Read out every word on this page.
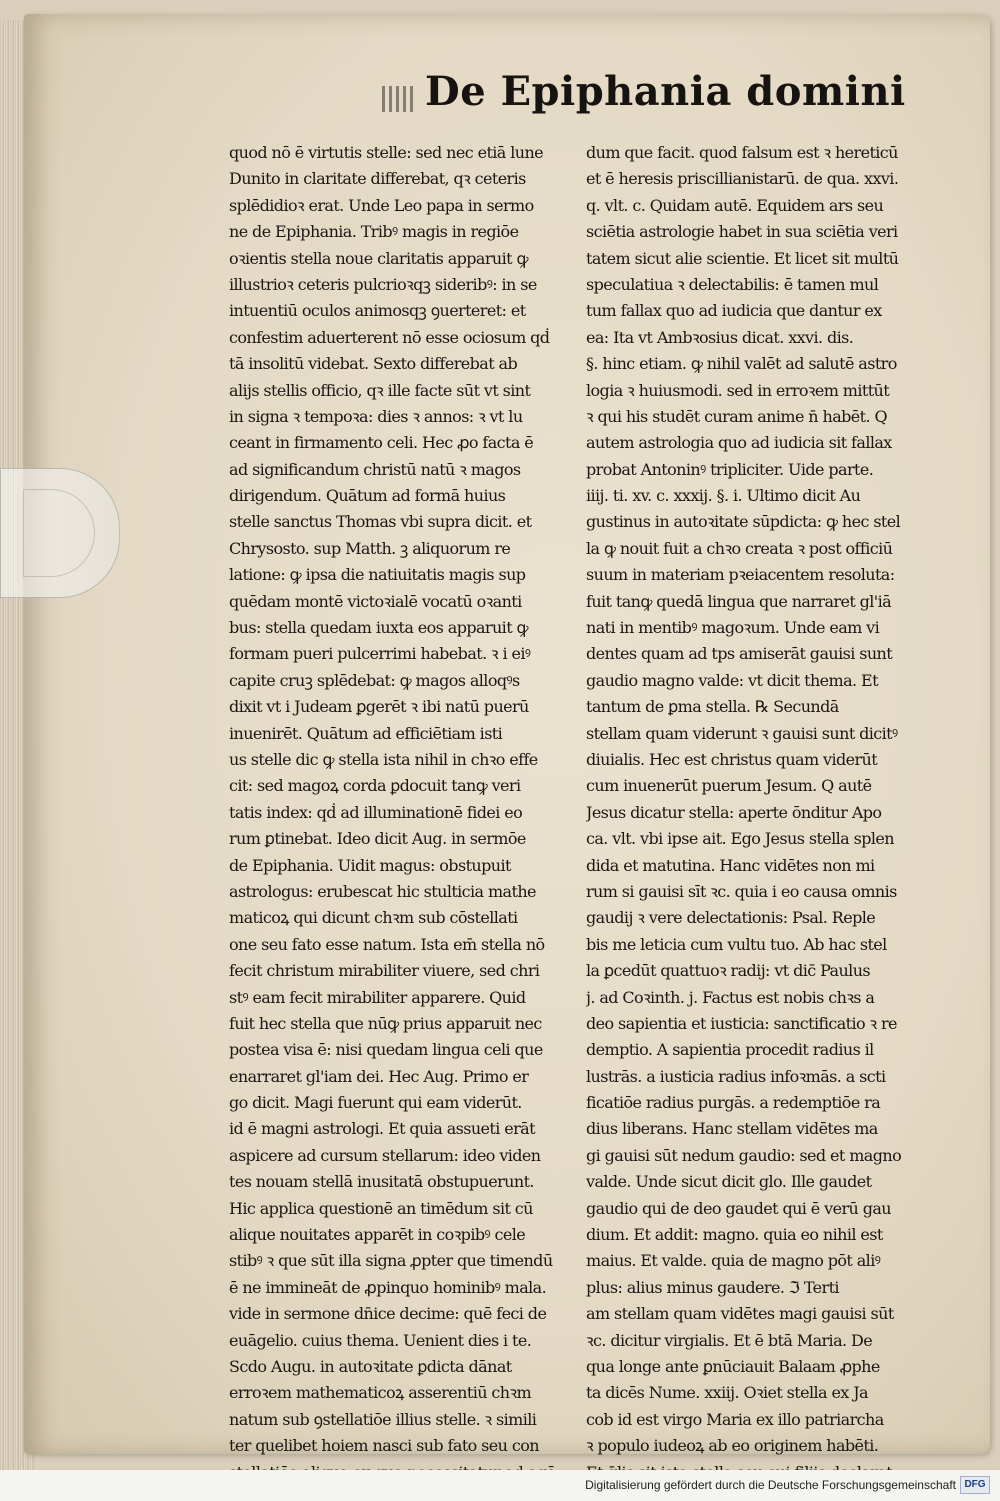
De Epiphania domini
quod nō ē virtutis stelle: sed nec etiā lune
Dunito in claritate differebat, qꝛ ceteris
splēdidioꝛ erat. Unde Leo papa in sermo
ne de Epiphania. Tribꝰ magis in regiōe
oꝛientis stella noue claritatis apparuit ꝙ
illustrioꝛ ceteris pulcrioꝛqꝫ sideribꝰ: in se
intuentiū oculos animosqꝫ ꝯuerteret: et
confestim aduerterent nō esse ociosum qḋ
tā insolitū videbat. Sexto differebat ab
alijs stellis officio, qꝛ ille facte sūt vt sint
in signa ꝛ tempoꝛa: dies ꝛ annos: ꝛ vt lu
ceant in firmamento celi. Hec ꝓo facta ē
ad significandum christū natū ꝛ magos
dirigendum. Quātum ad formā huius
stelle sanctus Thomas vbi supra dicit. et
Chrysosto. sup Matth. ꝫ aliquorum re
latione: ꝙ ipsa die natiuitatis magis sup
quēdam montē victoꝛialē vocatū oꝛanti
bus: stella quedam iuxta eos apparuit ꝙ
formam pueri pulcerrimi habebat. ꝛ i eiꝰ
capite cruꝫ splēdebat: ꝙ magos alloqꝰs
dixit vt i Judeam ꝑgerēt ꝛ ibi natū puerū
inuenirēt. Quātum ad efficiētiam isti
us stelle dic ꝙ stella ista nihil in chꝛo effe
cit: sed magoꝝ corda ꝑdocuit tanꝙ veri
tatis index: qḋ ad illuminationē fidei eo
rum ꝑtinebat. Ideo dicit Aug. in sermōe
de Epiphania. Uidit magus: obstupuit
astrologus: erubescat hic stulticia mathe
maticoꝝ qui dicunt chꝛm sub cōstellati
one seu fato esse natum. Ista em̄ stella nō
fecit christum mirabiliter viuere, sed chri
stꝰ eam fecit mirabiliter apparere. Quid
fuit hec stella que nūꝙ prius apparuit nec
postea visa ē: nisi quedam lingua celi que
enarraret gl'iam dei. Hec Aug. Primo er
go dicit. Magi fuerunt qui eam viderūt.
id ē magni astrologi. Et quia assueti erāt
aspicere ad cursum stellarum: ideo viden
tes nouam stellā inusitatā obstupuerunt.
Hic applica questionē an timēdum sit cū
alique nouitates apparēt in coꝛpibꝰ cele
stibꝰ ꝛ que sūt illa signa ꝓpter que timendū
ē ne immineāt de ꝓpinquo hominibꝰ mala.
vide in sermone dn̄ice decime: quē feci de
euāgelio. cuius thema. Uenient dies i te.
Scdo Augu. in autoꝛitate ꝑdicta dānat
erroꝛem mathematicoꝝ asserentiū chꝛm
natum sub ꝯstellatiōe illius stelle. ꝛ simili
ter quelibet hoiem nasci sub fato seu con
dum que facit. quod falsum est ꝛ hereticū
et ē heresis priscillianistarū. de qua. xxvi.
q. vlt. c. Quidam autē. Equidem ars seu
sciētia astrologie habet in sua sciētia veri
tatem sicut alie scientie. Et licet sit multū
speculatiua ꝛ delectabilis: ē tamen mul
tum fallax quo ad iudicia que dantur ex
ea: Ita vt Ambꝛosius dicat. xxvi. dis.
§. hinc etiam. ꝙ nihil valēt ad salutē astro
logia ꝛ huiusmodi. sed in erroꝛem mittūt
ꝛ qui his studēt curam anime n̄ habēt. Q
autem astrologia quo ad iudicia sit fallax
probat Antoninꝰ tripliciter. Uide parte.
iiij. ti. xv. c. xxxij. §. i. Ultimo dicit Au
gustinus in autoꝛitate sūpdicta: ꝙ hec stel
la ꝙ nouit fuit a chꝛo creata ꝛ post officiū
suum in materiam pꝛeiacentem resoluta:
fuit tanꝙ quedā lingua que narraret gl'iā
nati in mentibꝰ magoꝛum. Unde eam vi
dentes quam ad tps amiserāt gauisi sunt
gaudio magno valde: vt dicit thema. Et
tantum de ꝑma stella. ℞ Secundā
stellam quam viderunt ꝛ gauisi sunt dicitꝰ
diuialis. Hec est christus quam viderūt
cum inuenerūt puerum Jesum. Q autē
Jesus dicatur stella: aperte ōnditur Apo
ca. vlt. vbi ipse ait. Ego Jesus stella splen
dida et matutina. Hanc vidētes non mi
rum si gauisi sīt ꝛc. quia i eo causa omnis
gaudij ꝛ vere delectationis: Psal. Reple
bis me leticia cum vultu tuo. Ab hac stel
la ꝑcedūt quattuoꝛ radij: vt dic̄ Paulus
j. ad Coꝛinth. j. Factus est nobis chꝛs a
deo sapientia et iusticia: sanctificatio ꝛ re
demptio. A sapientia procedit radius il
lustrās. a iusticia radius infoꝛmās. a scti
ficatiōe radius purgās. a redemptiōe ra
dius liberans. Hanc stellam vidētes ma
gi gauisi sūt nedum gaudio: sed et magno
valde. Unde sicut dicit glo. Ille gaudet
gaudio qui de deo gaudet qui ē verū gau
dium. Et addit: magno. quia eo nihil est
maius. Et valde. quia de magno pōt aliꝰ
plus: alius minus gaudere. ℑ Terti
am stellam quam vidētes magi gauisi sūt
ꝛc. dicitur virgialis. Et ē btā Maria. De
qua longe ante ꝑnūciauit Balaam ꝓphe
ta dicēs Nume. xxiij. Oꝛiet stella ex Ja
cob id est virgo Maria ex illo patriarcha
ꝛ populo iudeoꝝ ab eo originem habēti.
Digitalisierung gefördert durch die Deutsche Forschungsgemeinschaft DFG
